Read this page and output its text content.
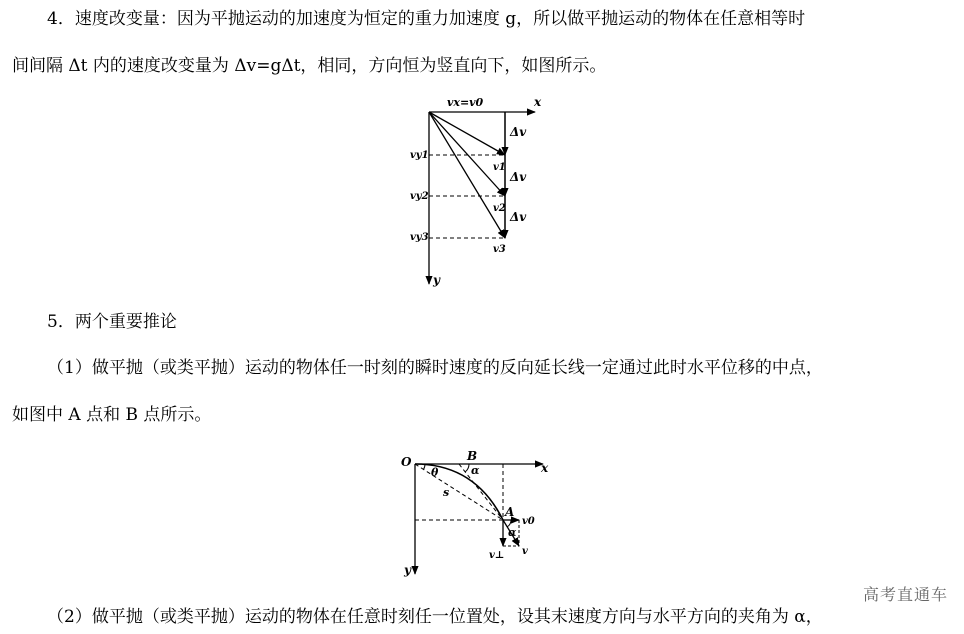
4．速度改变量：因为平抛运动的加速度为恒定的重力加速度 g，所以做平抛运动的物体在任意相等时
间间隔 Δt 内的速度改变量为 Δv=gΔt，相同，方向恒为竖直向下，如图所示。
vx=v0	x
y
Δv
Δv
Δv
vy1
vy2
vy3
v1
v2
v3
5．两个重要推论
（1）做平抛（或类平抛）运动的物体任一时刻的瞬时速度的反向延长线一定通过此时水平位移的中点，
如图中 A 点和 B 点所示。
O	x
y
B
α
θ
s
A
v0
α
v⊥ v
高考直通车
（2）做平抛（或类平抛）运动的物体在任意时刻任一位置处，设其末速度方向与水平方向的夹角为 α，
